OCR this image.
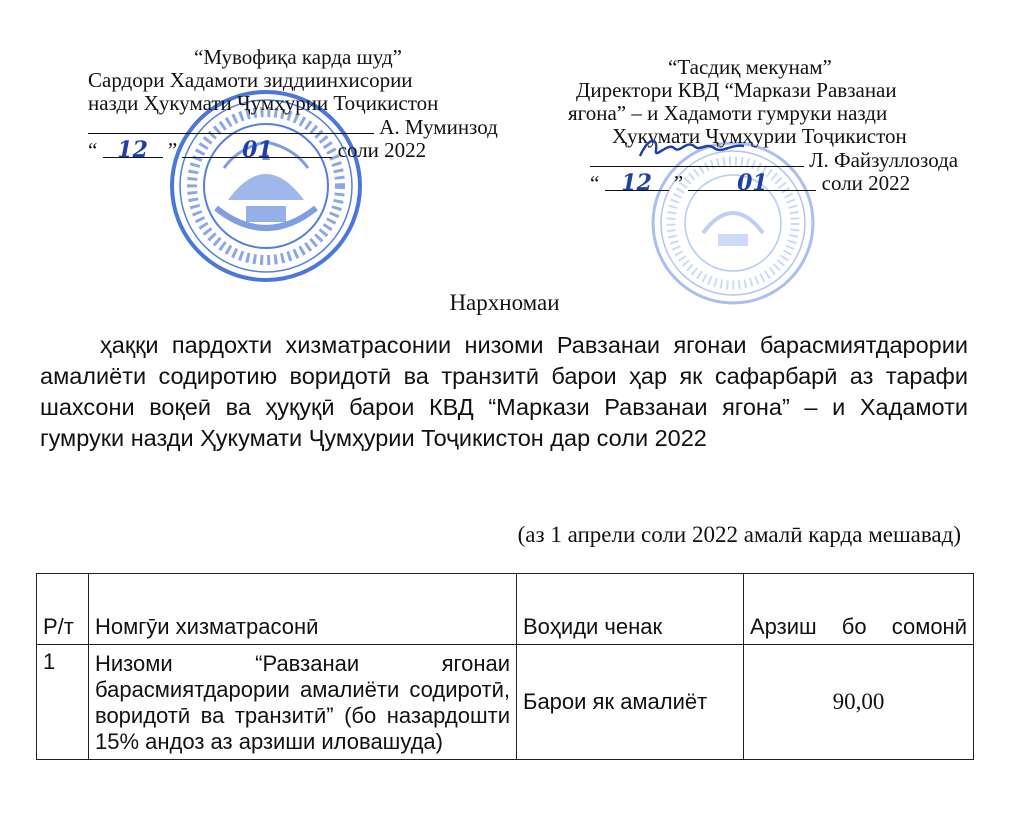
“Мувофиқа карда шуд”
Сардори Хадамоти зиддиинхисории
назди Ҳукумати Ҷумҳурии Тоҷикистон
А. Муминзод
“ 12 ”	01	соли 2022
“Тасдиқ мекунам”
Директори КВД “Маркази Равзанаи
ягона” – и Хадамоти гумруки назди
Ҳукумати Ҷумҳурии Тоҷикистон
Л. Файзуллозода
“ 12 ” 01	соли 2022
Нархномаи

ҳаққи пардохти хизматрасонии низоми Равзанаи ягонаи барасмиятдарории амалиёти содиротию воридотӣ ва транзитӣ барои ҳар як сафарбарӣ аз тарафи шахсони воқеӣ ва ҳуқуқӣ барои КВД “Маркази Равзанаи ягона” – и Хадамоти гумруки назди Ҳукумати Ҷумҳурии Тоҷикистон дар соли 2022

(аз 1 апрели соли 2022 амалӣ карда мешавад)
Р/т	Номгӯи хизматрасонӣ	Воҳиди ченак	Арзиш бо сомонӣ
1	Низоми “Равзанаи ягонаи барасмиятдарории амалиёти содиротӣ, воридотӣ ва транзитӣ” (бо назардошти 15% андоз аз арзиши иловашуда)	Барои як амалиёт	90,00
